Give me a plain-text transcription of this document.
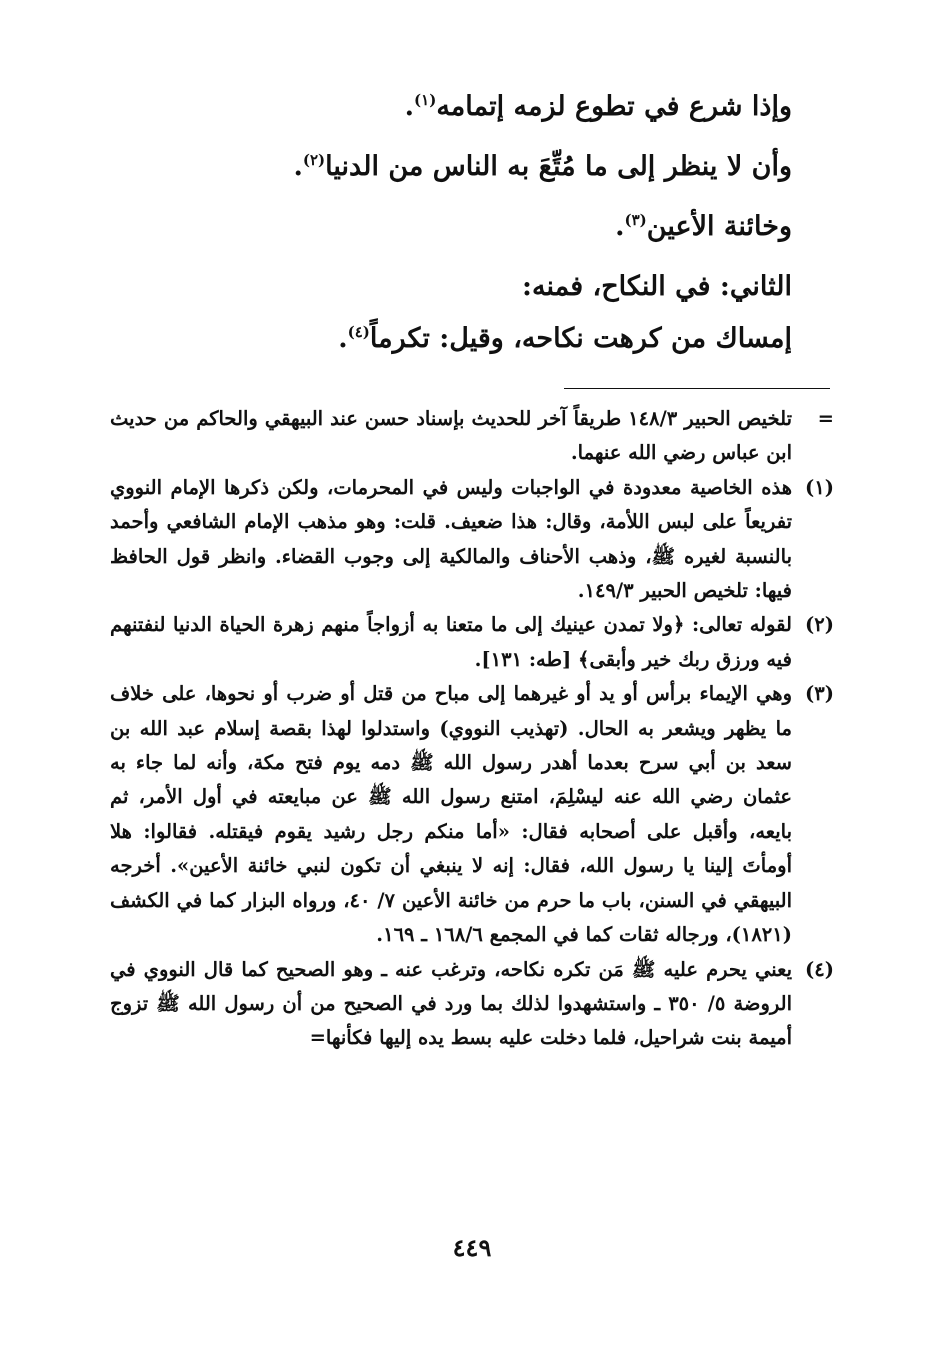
وإذا شرع في تطوع لزمه إتمامه$^{(١)}$.

وأن لا ينظر إلى ما مُتِّعَ به الناس من الدنيا$^{(٢)}$.

وخائنة الأعين$^{(٣)}$.

الثاني: في النكاح، فمنه:

إمساك من كرهت نكاحه، وقيل: تكرماً$^{(٤)}$.

=
تلخيص الحبير ١٤٨/٣ طريقاً آخر للحديث بإسناد حسن عند البيهقي والحاكم من حديث ابن عباس رضي الله عنهما.
(١)
هذه الخاصية معدودة في الواجبات وليس في المحرمات، ولكن ذكرها الإمام النووي تفريعاً على لبس اللأمة، وقال: هذا ضعيف. قلت: وهو مذهب الإمام الشافعي وأحمد بالنسبة لغيره ﷺ، وذهب الأحناف والمالكية إلى وجوب القضاء. وانظر قول الحافظ فيها: تلخيص الحبير ١٤٩/٣.
(٢)
لقوله تعالى: ﴿ولا تمدن عينيك إلى ما متعنا به أزواجاً منهم زهرة الحياة الدنيا لنفتنهم فيه ورزق ربك خير وأبقى﴾ [طه: ١٣١].
(٣)
وهي الإيماء برأس أو يد أو غيرهما إلى مباح من قتل أو ضرب أو نحوها، على خلاف ما يظهر ويشعر به الحال. (تهذيب النووي) واستدلوا لهذا بقصة إسلام عبد الله بن سعد بن أبي سرح بعدما أهدر رسول الله ﷺ دمه يوم فتح مكة، وأنه لما جاء به عثمان رضي الله عنه ليسْلِمَ، امتنع رسول الله ﷺ عن مبايعته في أول الأمر، ثم بايعه، وأقبل على أصحابه فقال: «أما منكم رجل رشيد يقوم فيقتله. فقالوا: هلا أومأتَ إلينا يا رسول الله، فقال: إنه لا ينبغي أن تكون لنبي خائنة الأعين». أخرجه البيهقي في السنن، باب ما حرم من خائنة الأعين ٧/ ٤٠، ورواه البزار كما في الكشف (١٨٢١)، ورجاله ثقات كما في المجمع ١٦٨/٦ ـ ١٦٩.
(٤)
يعني يحرم عليه ﷺ مَن تكره نكاحه، وترغب عنه ـ وهو الصحيح كما قال النووي في الروضة ٥/ ٣٥٠ ـ واستشهدوا لذلك بما ورد في الصحيح من أن رسول الله ﷺ تزوج أميمة بنت شراحيل، فلما دخلت عليه بسط يده إليها فكأنها=
٤٤٩
